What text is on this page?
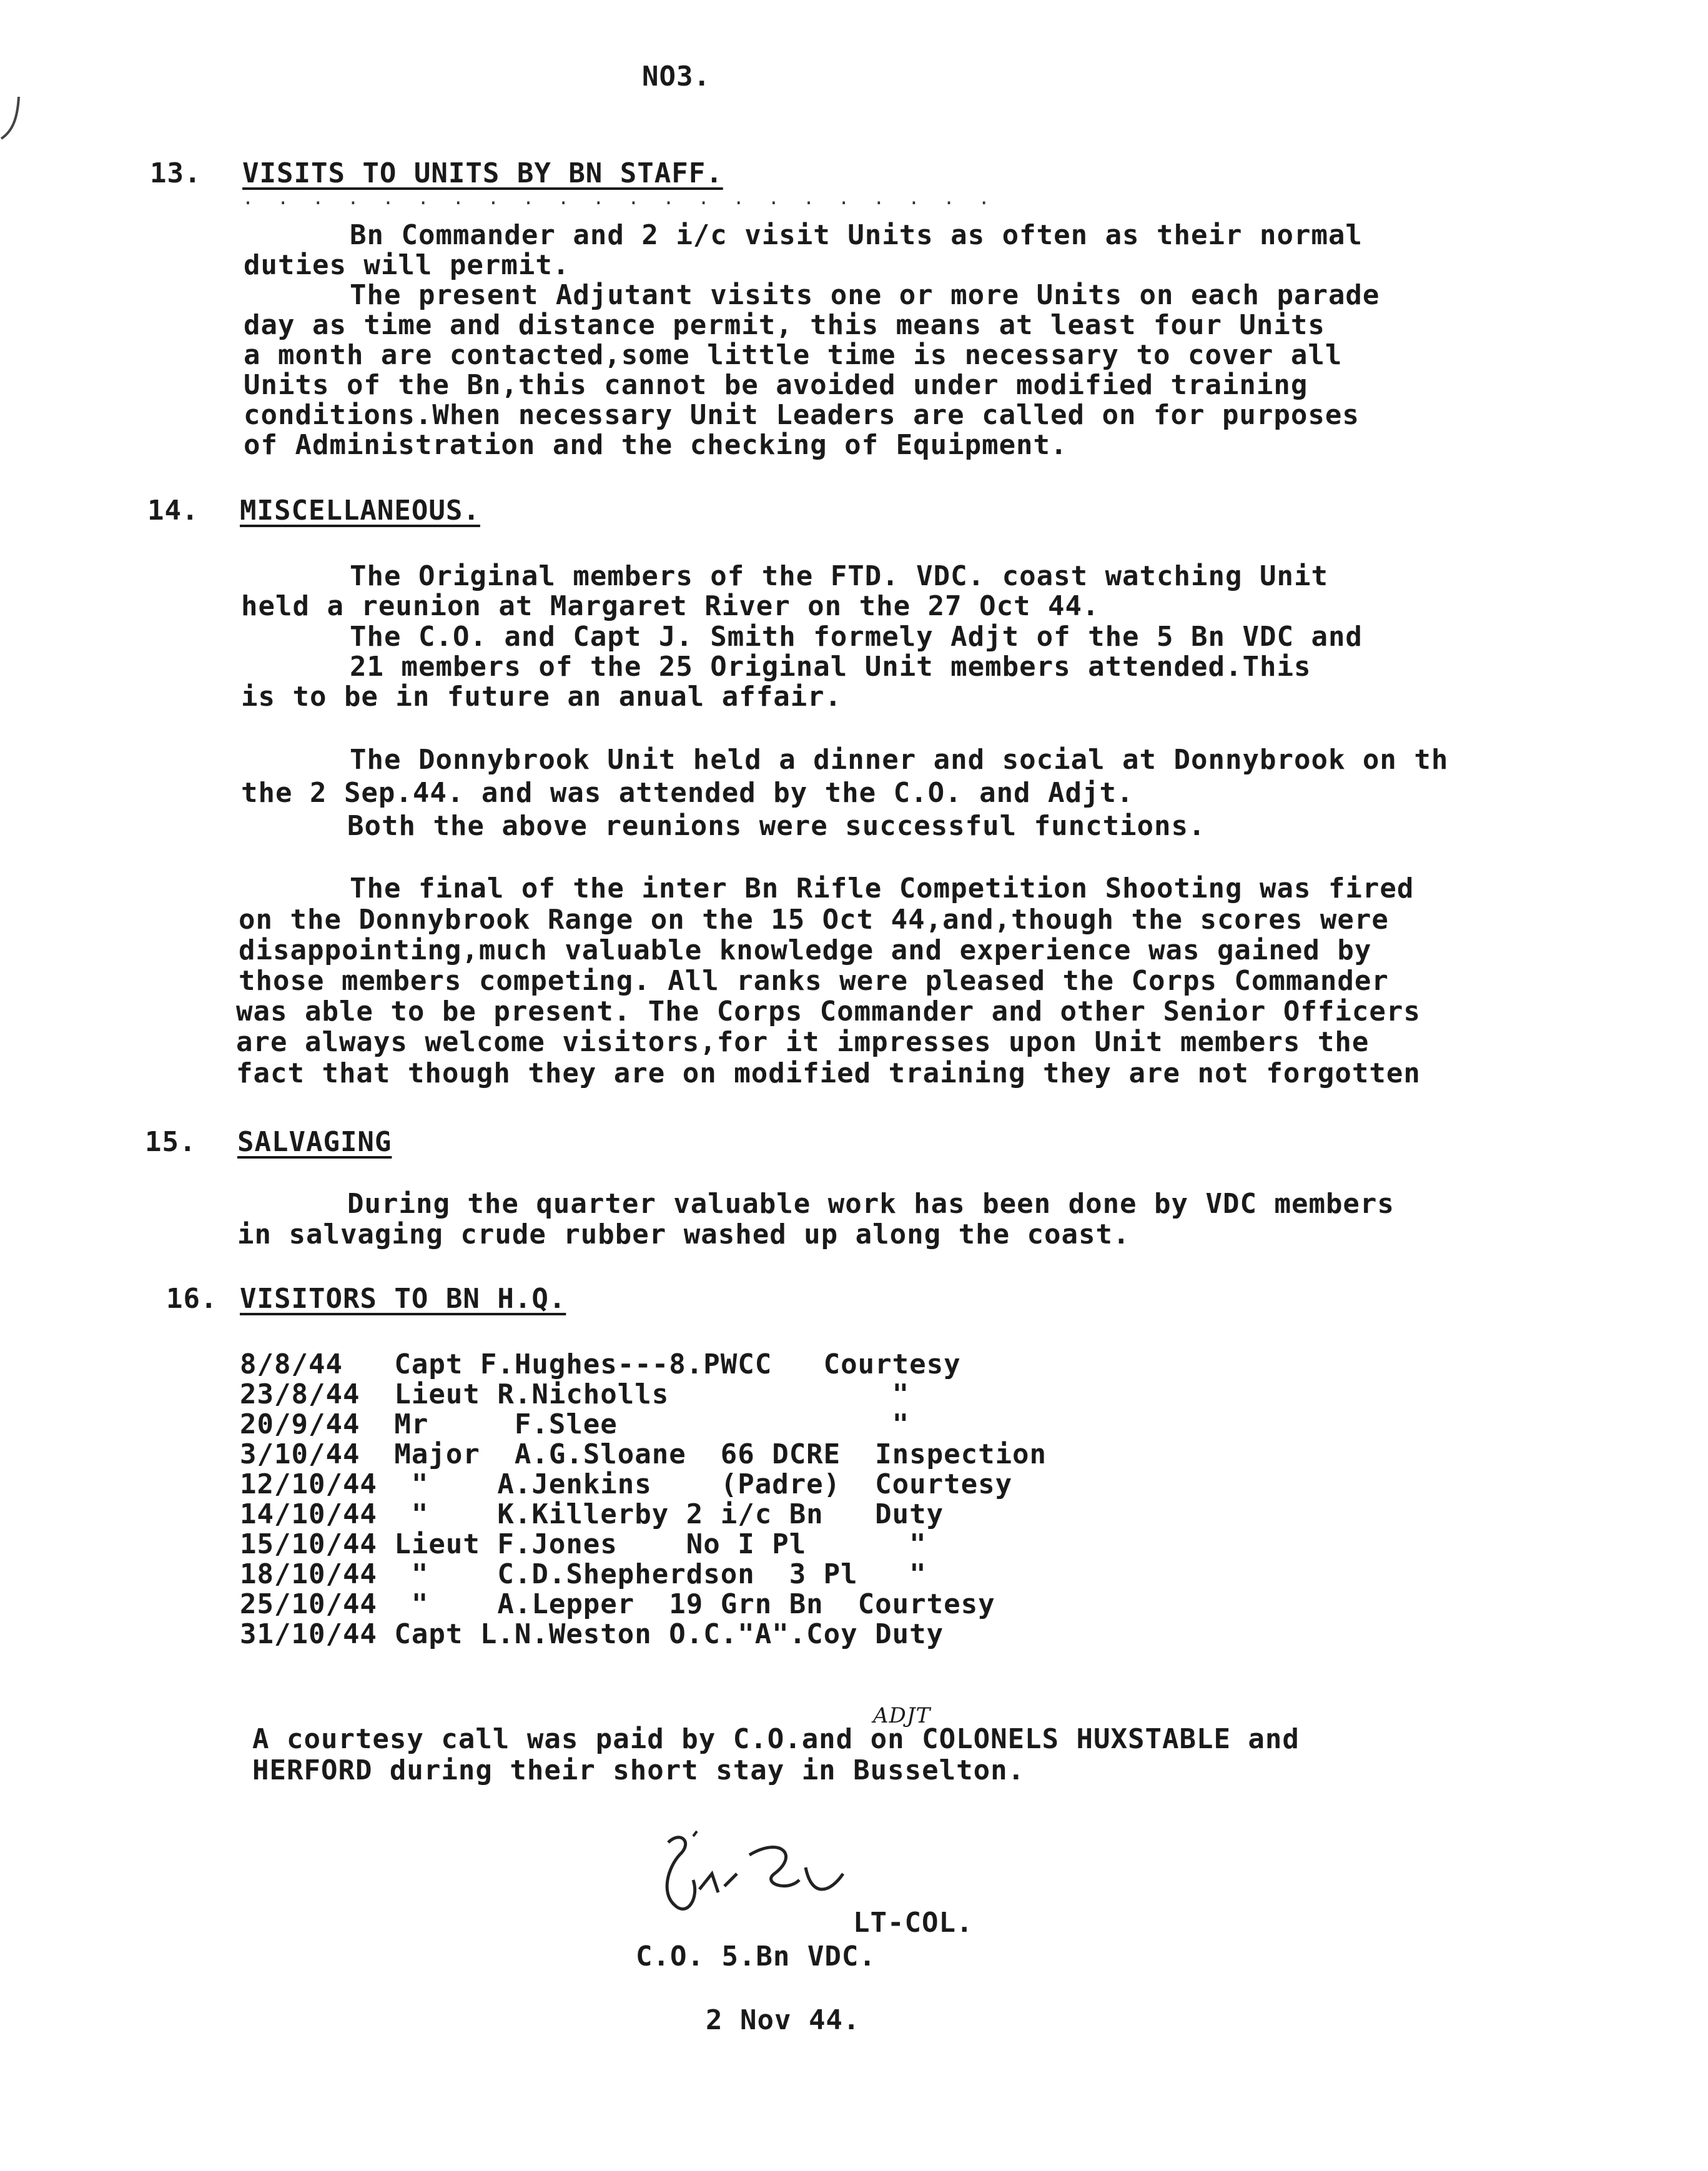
NO3.
13. VISITS TO UNITS BY BN STAFF.
. . . . . . . . . . . . . . . . . . . . . .
Bn Commander and 2 i/c visit Units as often as their normal
duties will permit.
The present Adjutant visits one or more Units on each parade
day as time and distance permit, this means at least four Units
a month are contacted,some little time is necessary to cover all
Units of the Bn,this cannot be avoided under modified training
conditions.When necessary Unit Leaders are called on for purposes
of Administration and the checking of Equipment.
14. MISCELLANEOUS.
The Original members of the FTD. VDC. coast watching Unit
held a reunion at Margaret River on the 27 Oct 44.
The C.O. and Capt J. Smith formely Adjt of the 5 Bn VDC and
21 members of the 25 Original Unit members attended.This
is to be in future an anual affair.
The Donnybrook Unit held a dinner and social at Donnybrook on th
the 2 Sep.44. and was attended by the C.O. and Adjt.
Both the above reunions were successful functions.
The final of the inter Bn Rifle Competition Shooting was fired
on the Donnybrook Range on the 15 Oct 44,and,though the scores were
disappointing,much valuable knowledge and experience was gained by
those members competing. All ranks were pleased the Corps Commander
was able to be present. The Corps Commander and other Senior Officers
are always welcome visitors,for it impresses upon Unit members the
fact that though they are on modified training they are not forgotten
15. SALVAGING
During the quarter valuable work has been done by VDC members
in salvaging crude rubber washed up along the coast.
16. VISITORS TO BN H.Q.
8/8/44   Capt F.Hughes---8.PWCC   Courtesy
23/8/44  Lieut R.Nicholls             "
20/9/44  Mr     F.Slee                "
3/10/44  Major  A.G.Sloane  66 DCRE  Inspection
12/10/44  "    A.Jenkins    (Padre)  Courtesy
14/10/44  "    K.Killerby 2 i/c Bn   Duty
15/10/44 Lieut F.Jones    No I Pl      "
18/10/44  "    C.D.Shepherdson  3 Pl   "
25/10/44  "    A.Lepper  19 Grn Bn  Courtesy
31/10/44 Capt L.N.Weston O.C."A".Coy Duty
ADJT
A courtesy call was paid by C.O.and on COLONELS HUXSTABLE and
HERFORD during their short stay in Busselton.
LT-COL.
C.O. 5.Bn VDC.
2 Nov 44.
